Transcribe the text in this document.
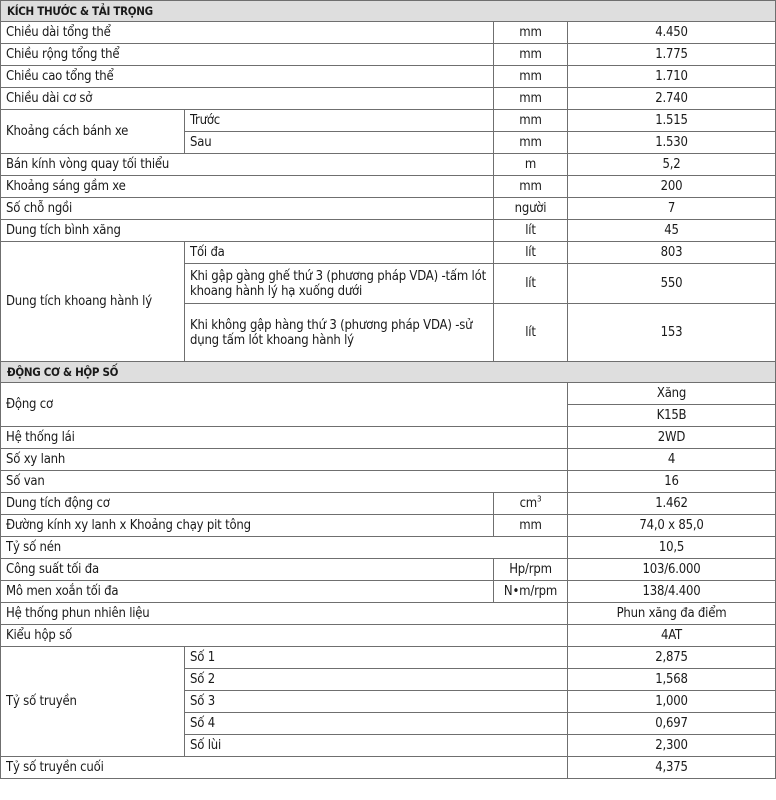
KÍCH THƯỚC & TẢI TRỌNG			
Chiều dài tổng thể		mm	4.450
Chiều rộng tổng thể		mm	1.775
Chiều cao tổng thể		mm	1.710
Chiều dài cơ sở		mm	2.740
Khoảng cách bánh xe	Trước	mm	1.515
	Sau	mm	1.530
Bán kính vòng quay tối thiểu		m	5,2
Khoảng sáng gầm xe		mm	200
Số chỗ ngồi		người	7
Dung tích bình xăng		lít	45
Dung tích khoang hành lý	Tối đa	lít	803
	Khi gập gàng ghế thứ 3 (phương pháp VDA) -tấm lót khoang hành lý hạ xuống dưới	lít	550
	Khi không gập hàng thứ 3 (phương pháp VDA) -sử dụng tấm lót khoang hành lý	lít	153
ĐỘNG CƠ & HỘP SỐ			
Động cơ			Xăng
			K15B
Hệ thống lái			2WD
Số xy lanh			4
Số van			16
Dung tích động cơ		$cm^3$	1.462
Đường kính xy lanh x Khoảng chạy pit tông		mm	74,0 x 85,0
Tỷ số nén			10,5
Công suất tối đa		Hp/rpm	103/6.000
Mô men xoắn tối đa		N•m/rpm	138/4.400
Hệ thống phun nhiên liệu			Phun xăng đa điểm
Kiểu hộp số			4AT
Tỷ số truyền	Số 1		2,875
	Số 2		1,568
	Số 3		1,000
	Số 4		0,697
	Số lùi		2,300
Tỷ số truyền cuối			4,375
